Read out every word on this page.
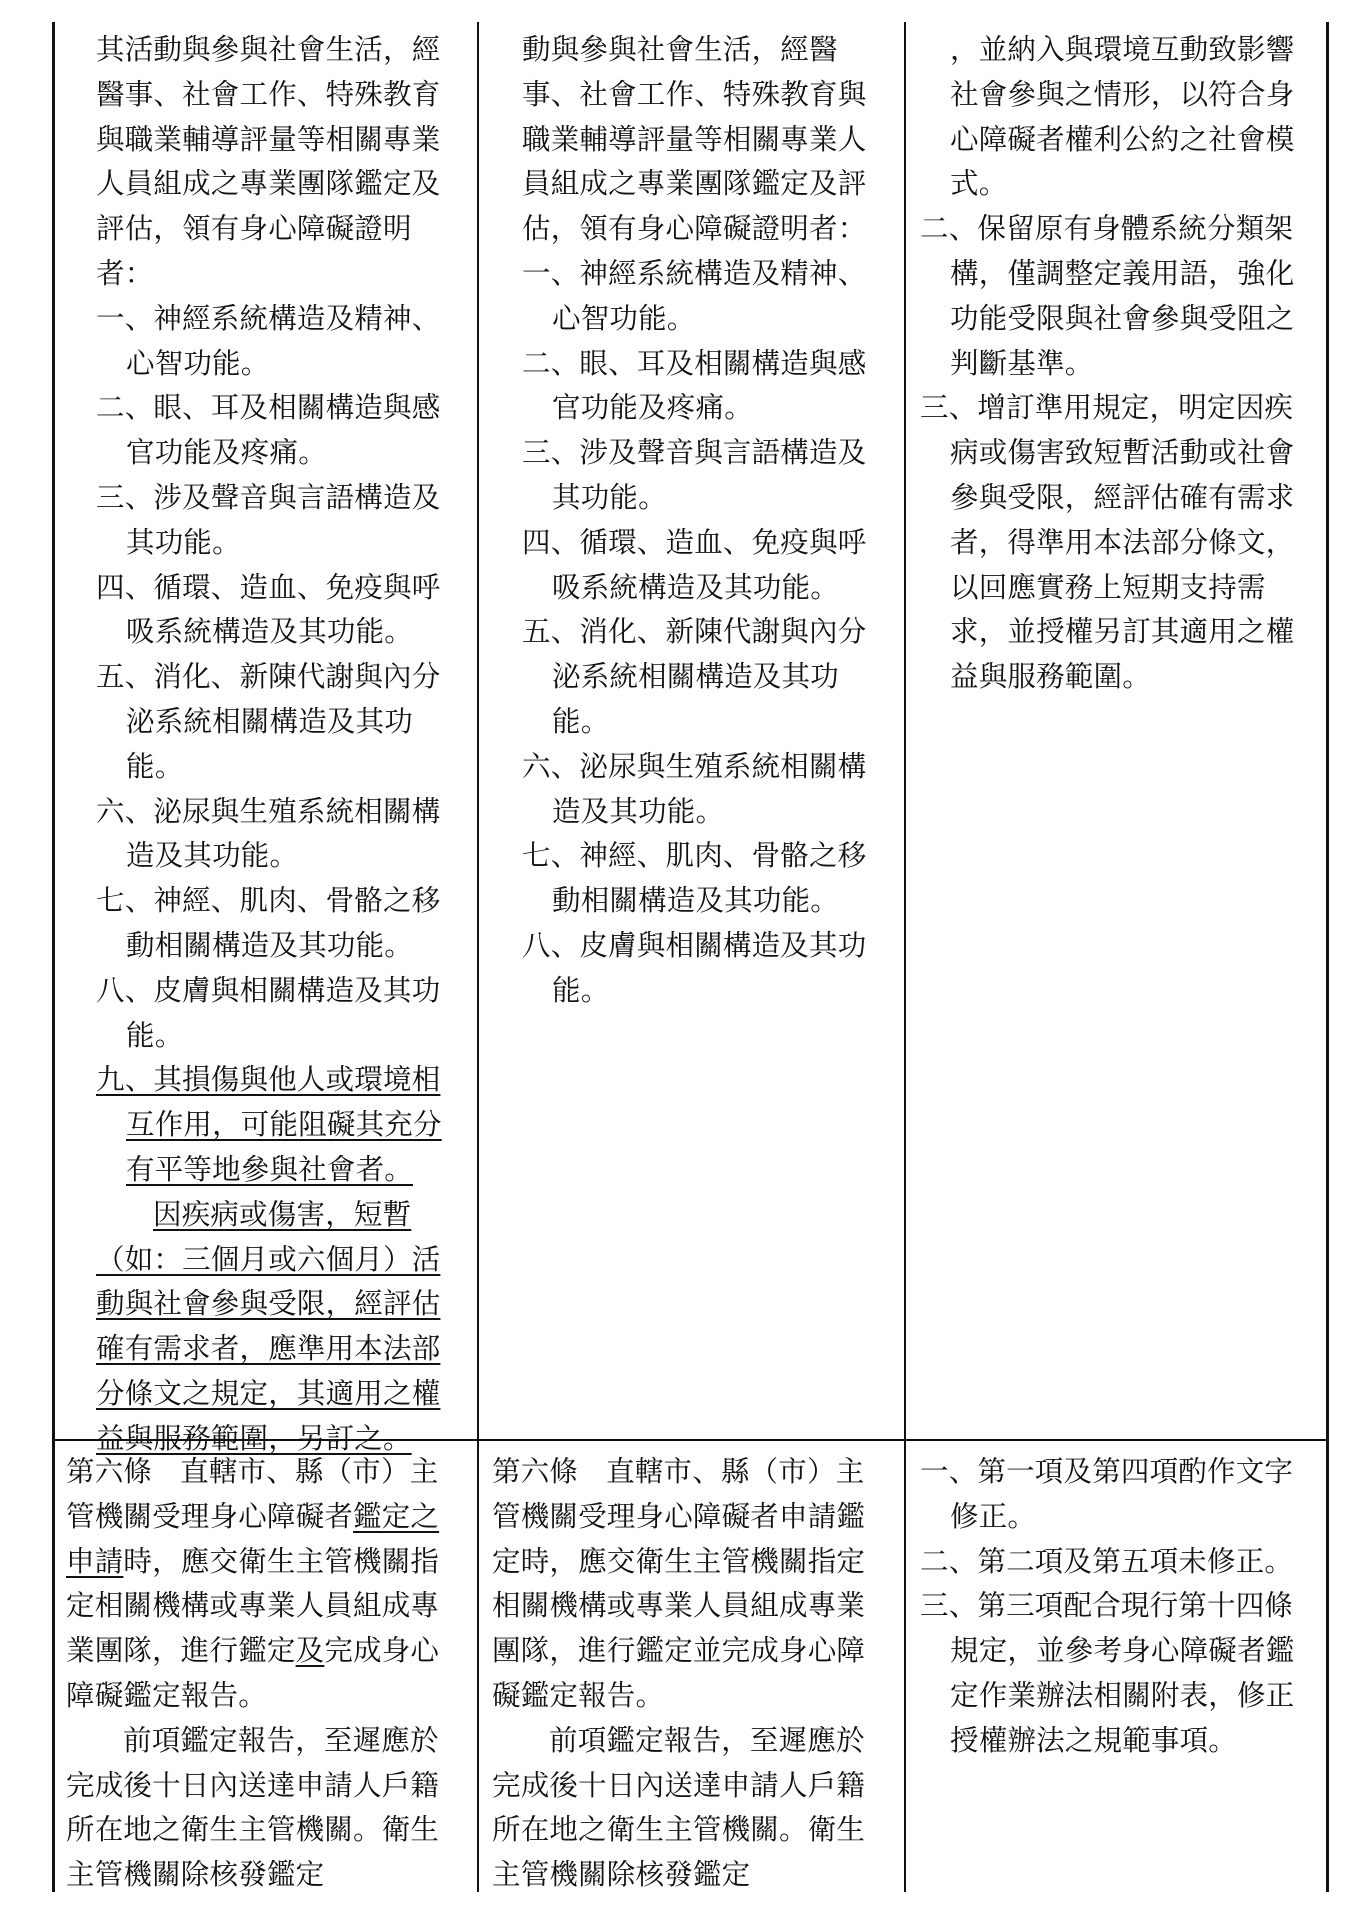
其活動與參與社會生活，經醫事、社會工作、特殊教育與職業輔導評量等相關專業人員組成之專業團隊鑑定及評估，領有身心障礙證明者：

一、神經系統構造及精神、心智功能。

二、眼、耳及相關構造與感官功能及疼痛。

三、涉及聲音與言語構造及其功能。

四、循環、造血、免疫與呼吸系統構造及其功能。

五、消化、新陳代謝與內分泌系統相關構造及其功能。

六、泌尿與生殖系統相關構造及其功能。

七、神經、肌肉、骨骼之移動相關構造及其功能。

八、皮膚與相關構造及其功能。

九、其損傷與他人或環境相互作用，可能阻礙其充分有平等地參與社會者。

因疾病或傷害，短暫（如：三個月或六個月）活動與社會參與受限，經評估確有需求者，應準用本法部分條文之規定，其適用之權益與服務範圍，另訂之。

動與參與社會生活，經醫事、社會工作、特殊教育與職業輔導評量等相關專業人員組成之專業團隊鑑定及評估，領有身心障礙證明者：

一、神經系統構造及精神、心智功能。

二、眼、耳及相關構造與感官功能及疼痛。

三、涉及聲音與言語構造及其功能。

四、循環、造血、免疫與呼吸系統構造及其功能。

五、消化、新陳代謝與內分泌系統相關構造及其功能。

六、泌尿與生殖系統相關構造及其功能。

七、神經、肌肉、骨骼之移動相關構造及其功能。

八、皮膚與相關構造及其功能。

，並納入與環境互動致影響社會參與之情形，以符合身心障礙者權利公約之社會模式。

二、保留原有身體系統分類架構，僅調整定義用語，強化功能受限與社會參與受阻之判斷基準。

三、增訂準用規定，明定因疾病或傷害致短暫活動或社會參與受限，經評估確有需求者，得準用本法部分條文，以回應實務上短期支持需求，並授權另訂其適用之權益與服務範圍。

第六條 直轄市、縣（市）主管機關受理身心障礙者鑑定之申請時，應交衛生主管機關指定相關機構或專業人員組成專業團隊，進行鑑定及完成身心障礙鑑定報告。

前項鑑定報告，至遲應於完成後十日內送達申請人戶籍所在地之衛生主管機關。衛生主管機關除核發鑑定

第六條 直轄市、縣（市）主管機關受理身心障礙者申請鑑定時，應交衛生主管機關指定相關機構或專業人員組成專業團隊，進行鑑定並完成身心障礙鑑定報告。

前項鑑定報告，至遲應於完成後十日內送達申請人戶籍所在地之衛生主管機關。衛生主管機關除核發鑑定

一、第一項及第四項酌作文字修正。

二、第二項及第五項未修正。

三、第三項配合現行第十四條規定，並參考身心障礙者鑑定作業辦法相關附表，修正授權辦法之規範事項。
